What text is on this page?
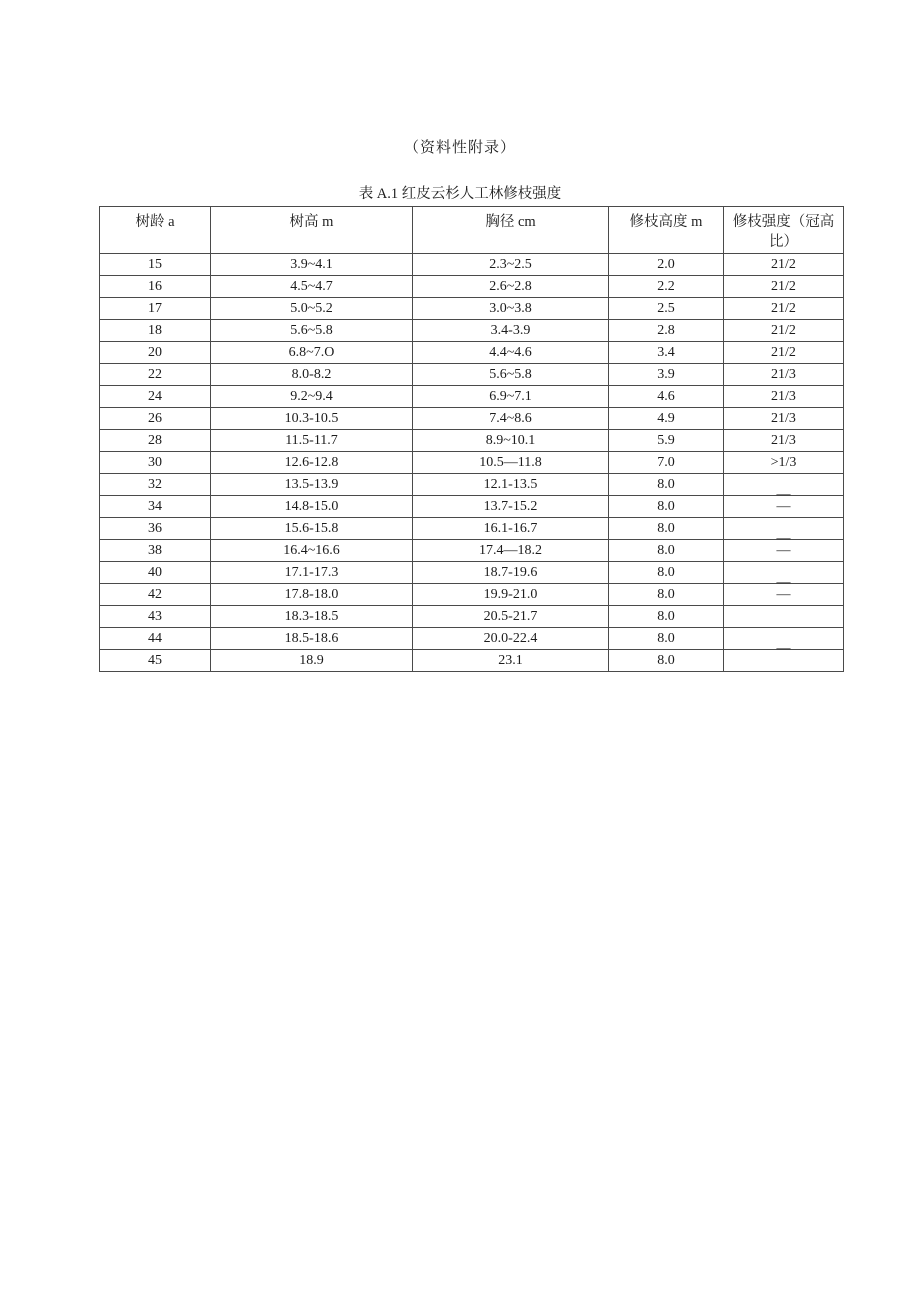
（资料性附录）
表 A.1 红皮云杉人工林修枝强度
树龄 a	树高 m	胸径 cm	修枝高度 m	修枝强度（冠高比）
15	3.9~4.1	2.3~2.5	2.0	21/2
16	4.5~4.7	2.6~2.8	2.2	21/2
17	5.0~5.2	3.0~3.8	2.5	21/2
18	5.6~5.8	3.4-3.9	2.8	21/2
20	6.8~7.O	4.4~4.6	3.4	21/2
22	8.0-8.2	5.6~5.8	3.9	21/3
24	9.2~9.4	6.9~7.1	4.6	21/3
26	10.3-10.5	7.4~8.6	4.9	21/3
28	11.5-11.7	8.9~10.1	5.9	21/3
30	12.6-12.8	10.5—11.8	7.0	>1/3
32	13.5-13.9	12.1-13.5	8.0	—

34	14.8-15.0	13.7-15.2	8.0	—
36	15.6-15.8	16.1-16.7	8.0	—

38	16.4~16.6	17.4—18.2	8.0	—
40	17.1-17.3	18.7-19.6	8.0	—

42	17.8-18.0	19.9-21.0	8.0	—
43	18.3-18.5	20.5-21.7	8.0	
44	18.5-18.6	20.0-22.4	8.0	—

45	18.9	23.1	8.0	
